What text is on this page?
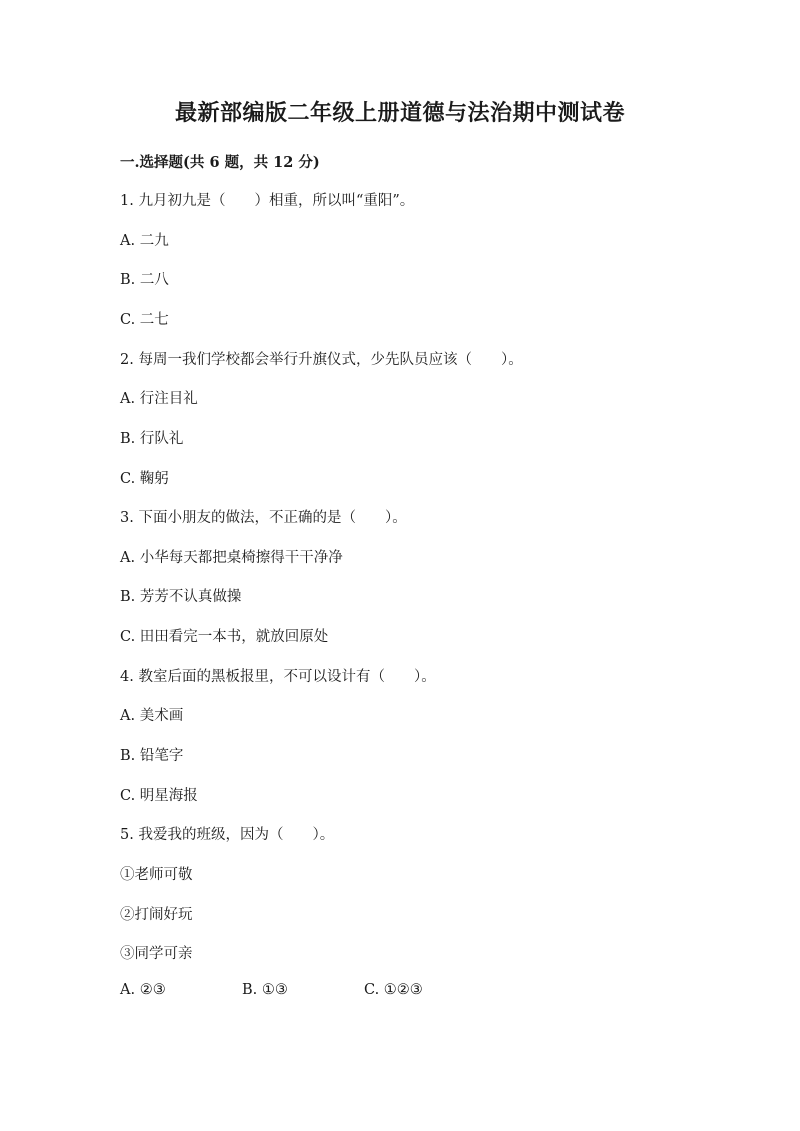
最新部编版二年级上册道德与法治期中测试卷
一.选择题(共 6 题，共 12 分)
1. 九月初九是（　　）相重，所以叫“重阳”。
A. 二九
B. 二八
C. 二七
2. 每周一我们学校都会举行升旗仪式，少先队员应该（　　）。
A. 行注目礼
B. 行队礼
C. 鞠躬
3. 下面小朋友的做法，不正确的是（　　）。
A. 小华每天都把桌椅擦得干干净净
B. 芳芳不认真做操
C. 田田看完一本书，就放回原处
4. 教室后面的黑板报里，不可以设计有（　　）。
A. 美术画
B. 铅笔字
C. 明星海报
5. 我爱我的班级，因为（　　）。
①老师可敬
②打闹好玩
③同学可亲
A. ②③	B. ①③	C. ①②③
